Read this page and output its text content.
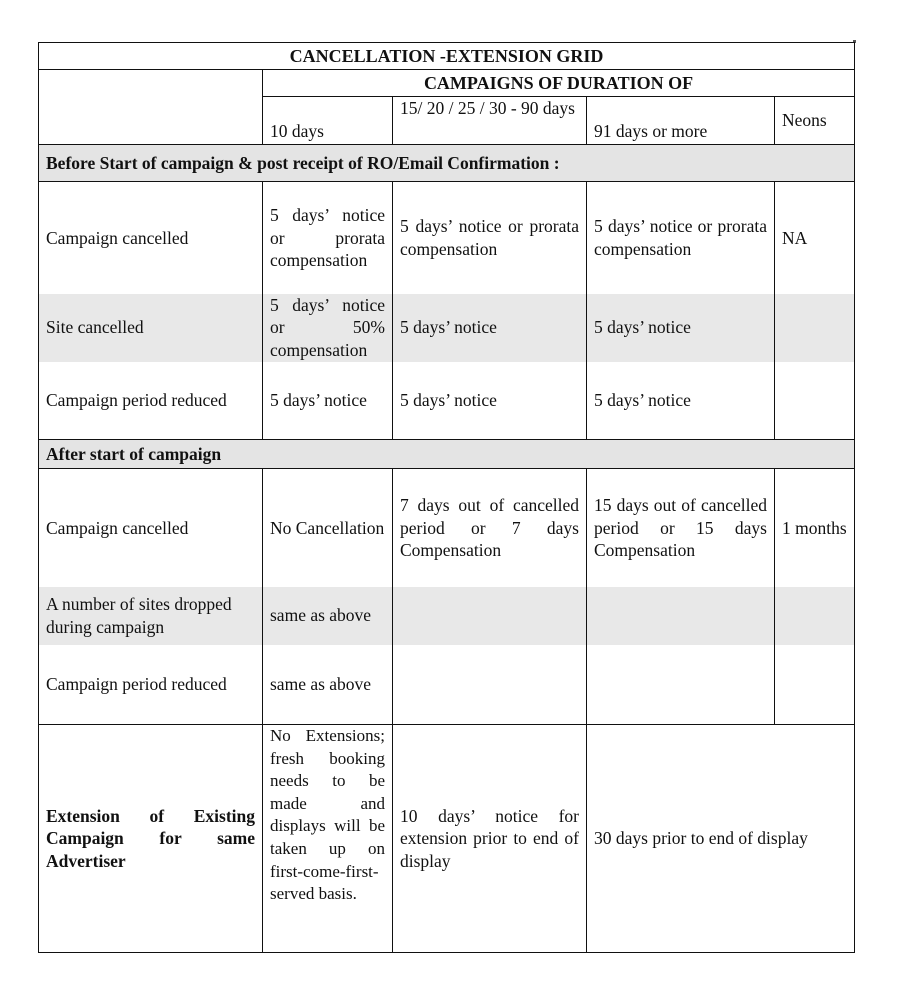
CANCELLATION -EXTENSION GRID				
	CAMPAIGNS OF DURATION OF			
	10 days	15/ 20 / 25 / 30 - 90 days	91 days or more	Neons
Before Start of campaign & post receipt of RO/Email Confirmation :				
Campaign cancelled	5 days’ notice or prorata compensation	5 days’ notice or prorata compensation	5 days’ notice or prorata compensation	NA
Site cancelled	5 days’ notice or 50% compensation	5 days’ notice	5 days’ notice	
Campaign period reduced	5 days’ notice	5 days’ notice	5 days’ notice	
After start of campaign				
Campaign cancelled	No Cancellation	7 days out of cancelled period or 7 days Compensation	15 days out of cancelled period or 15 days Compensation	1 months
A number of sites dropped during campaign	same as above			
Campaign period reduced	same as above			
Extension of Existing Campaign for same Advertiser	No Extensions; fresh booking needs to be made and displays will be taken up on first-come-first-served basis.	10 days’ notice for extension prior to end of display	30 days prior to end of display	
